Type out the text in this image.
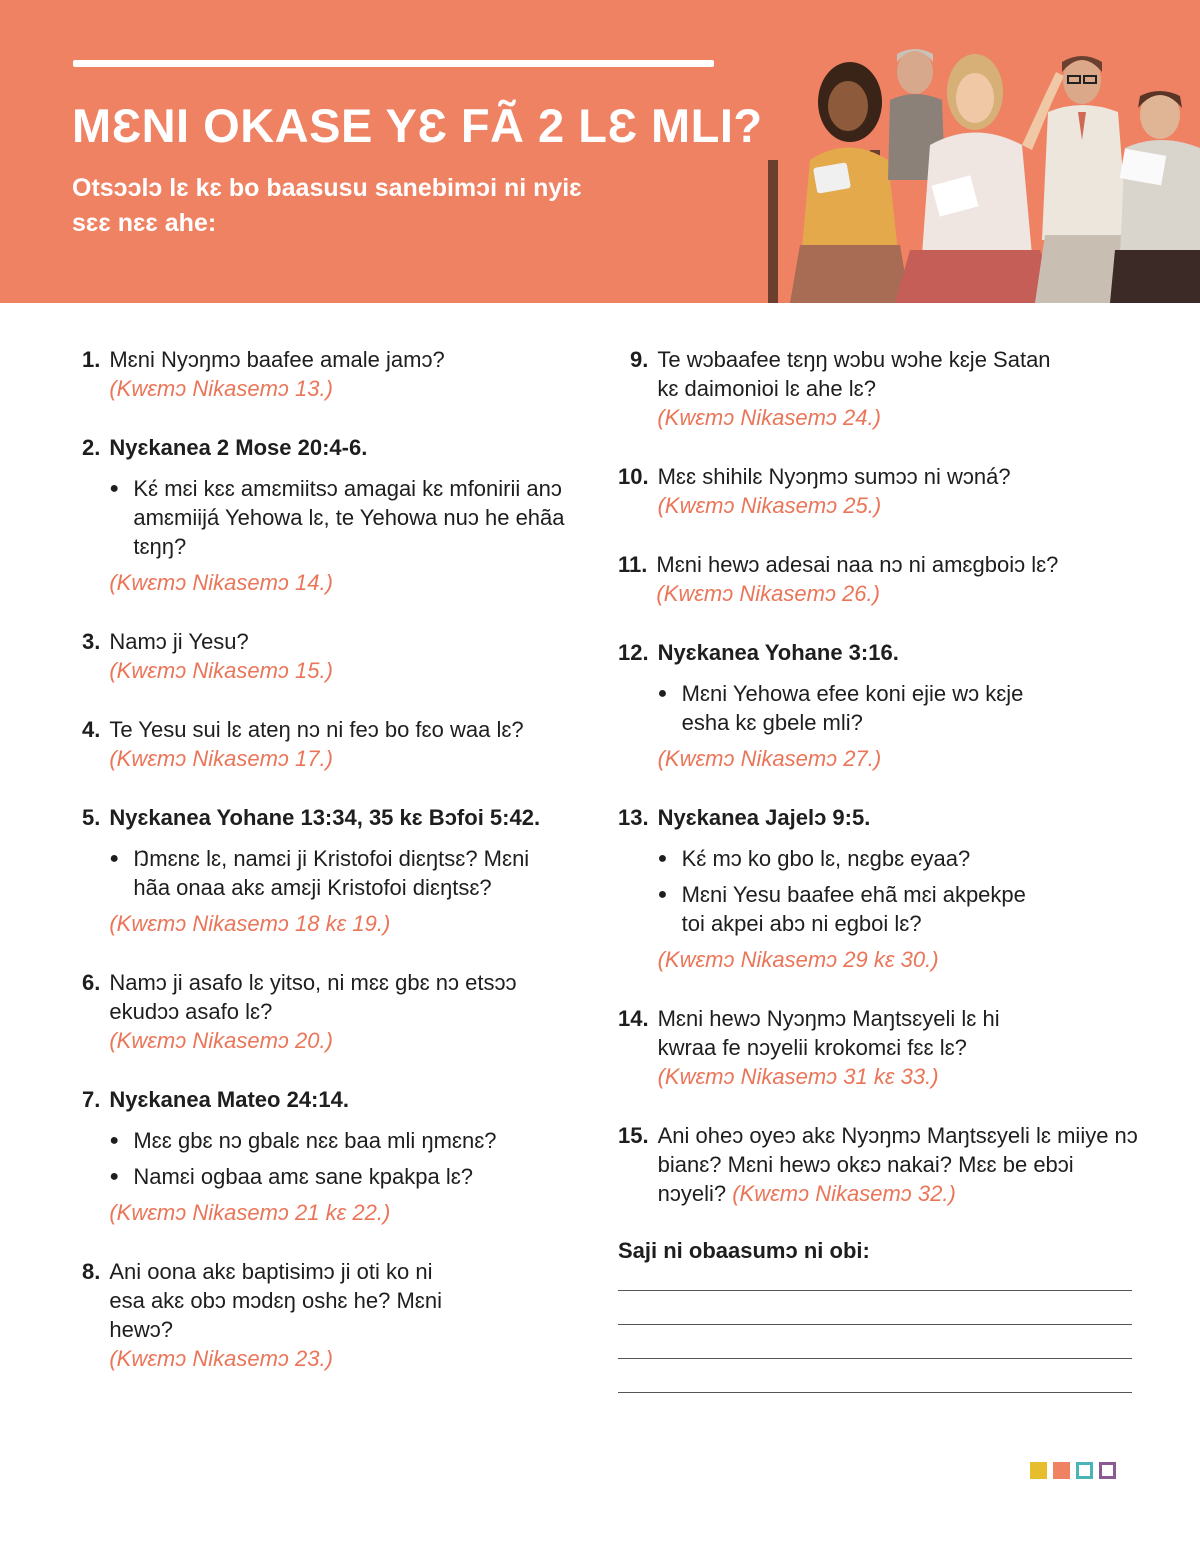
MƐNI OKASE YƐ FÃ 2 LƐ MLI?

Otsɔɔlɔ lɛ kɛ bo baasusu sanebimɔi ni nyiɛ sɛɛ nɛɛ ahe:

1. Mɛni Nyɔŋmɔ baafee amale jamɔ?
(Kwɛmɔ Nikasemɔ 13.)
2. Nyɛkanea 2 Mose 20:4-6.
● Kɛ́ mɛi kɛɛ amɛmiitsɔ amagai kɛ mfonirii anɔ amɛmiijá Yehowa lɛ, te Yehowa nuɔ he ehãa tɛŋŋ?
(Kwɛmɔ Nikasemɔ 14.)
3. Namɔ ji Yesu?
(Kwɛmɔ Nikasemɔ 15.)
4. Te Yesu sui lɛ ateŋ nɔ ni feɔ bo fɛo waa lɛ?
(Kwɛmɔ Nikasemɔ 17.)
5. Nyɛkanea Yohane 13:34, 35 kɛ Bɔfoi 5:42.
● Ŋmɛnɛ lɛ, namɛi ji Kristofoi diɛŋtsɛ? Mɛni hãa onaa akɛ amɛji Kristofoi diɛŋtsɛ?
(Kwɛmɔ Nikasemɔ 18 kɛ 19.)
6. Namɔ ji asafo lɛ yitso, ni mɛɛ gbɛ nɔ etsɔɔ ekudɔɔ asafo lɛ?
(Kwɛmɔ Nikasemɔ 20.)
7. Nyɛkanea Mateo 24:14.
● Mɛɛ gbɛ nɔ gbalɛ nɛɛ baa mli ŋmɛnɛ?
● Namɛi ogbaa amɛ sane kpakpa lɛ?
(Kwɛmɔ Nikasemɔ 21 kɛ 22.)
8. Ani oona akɛ baptisimɔ ji oti ko ni esa akɛ obɔ mɔdɛŋ oshɛ he? Mɛni hewɔ?
(Kwɛmɔ Nikasemɔ 23.)
9. Te wɔbaafee tɛŋŋ wɔbu wɔhe kɛje Satan kɛ daimonioi lɛ ahe lɛ?
(Kwɛmɔ Nikasemɔ 24.)
10. Mɛɛ shihilɛ Nyɔŋmɔ sumɔɔ ni wɔná?
(Kwɛmɔ Nikasemɔ 25.)
11. Mɛni hewɔ adesai naa nɔ ni amɛgboiɔ lɛ?
(Kwɛmɔ Nikasemɔ 26.)
12. Nyɛkanea Yohane 3:16.
● Mɛni Yehowa efee koni ejie wɔ kɛje esha kɛ gbele mli?
(Kwɛmɔ Nikasemɔ 27.)
13. Nyɛkanea Jajelɔ 9:5.
● Kɛ́ mɔ ko gbo lɛ, nɛgbɛ eyaa?
● Mɛni Yesu baafee ehã mɛi akpekpe toi akpei abɔ ni egboi lɛ?
(Kwɛmɔ Nikasemɔ 29 kɛ 30.)
14. Mɛni hewɔ Nyɔŋmɔ Maŋtsɛyeli lɛ hi kwraa fe nɔyelii krokomɛi fɛɛ lɛ?
(Kwɛmɔ Nikasemɔ 31 kɛ 33.)
15. Ani oheɔ oyeɔ akɛ Nyɔŋmɔ Maŋtsɛyeli lɛ miiye nɔ bianɛ? Mɛni hewɔ okɛɔ nakai? Mɛɛ be ebɔi nɔyeli? (Kwɛmɔ Nikasemɔ 32.)
Saji ni obaasumɔ ni obi:
